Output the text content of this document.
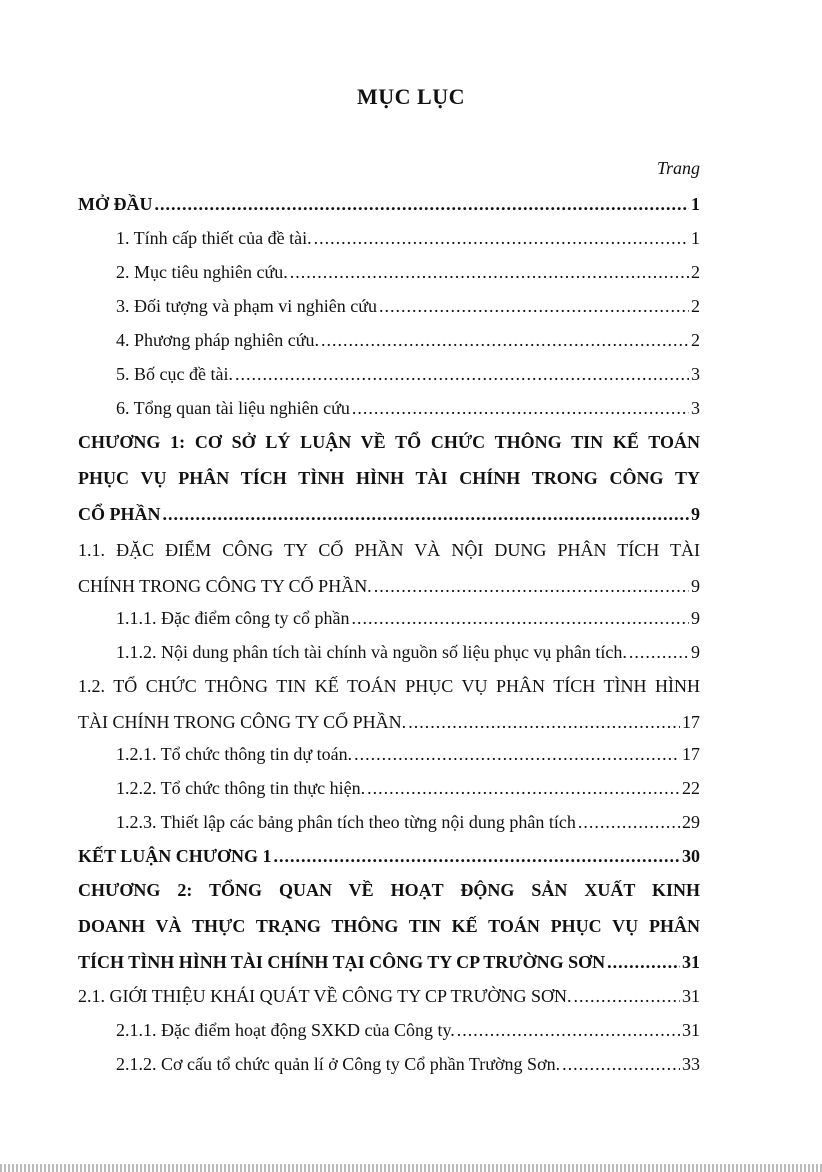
MỤC LỤC
Trang
MỞ ĐẦU .....	1
1. Tính cấp thiết của đề tài. .....	1
2. Mục tiêu nghiên cứu. .....	2
3. Đối tượng và phạm vi nghiên cứu .....	2
4. Phương pháp nghiên cứu. .....	2
5. Bố cục đề tài. .....	3
6. Tổng quan tài liệu nghiên cứu .....	3
CHƯƠNG 1: CƠ SỞ LÝ LUẬN VỀ TỔ CHỨC THÔNG TIN KẾ TOÁN
PHỤC VỤ PHÂN TÍCH TÌNH HÌNH TÀI CHÍNH TRONG CÔNG TY
CỔ PHẦN .....	9
1.1. ĐẶC ĐIỂM CÔNG TY CỔ PHẦN VÀ NỘI DUNG PHÂN TÍCH TÀI
CHÍNH TRONG CÔNG TY CỔ PHẦN. .....	9
1.1.1. Đặc điểm công ty cổ phần .....	9
1.1.2. Nội dung phân tích tài chính và nguồn số liệu phục vụ phân tích. .....	9
1.2. TỔ CHỨC THÔNG TIN KẾ TOÁN PHỤC VỤ PHÂN TÍCH TÌNH HÌNH
TÀI CHÍNH TRONG CÔNG TY CỔ PHẦN. .....	17
1.2.1. Tổ chức thông tin dự toán. .....	17
1.2.2. Tổ chức thông tin thực hiện. .....	22
1.2.3. Thiết lập các bảng phân tích theo từng nội dung phân tích .....	29
KẾT LUẬN CHƯƠNG 1 .....	30
CHƯƠNG 2: TỔNG QUAN VỀ HOẠT ĐỘNG SẢN XUẤT KINH
DOANH VÀ THỰC TRẠNG THÔNG TIN KẾ TOÁN PHỤC VỤ PHÂN
TÍCH TÌNH HÌNH TÀI CHÍNH TẠI CÔNG TY CP TRƯỜNG SƠN .....	31
2.1. GIỚI THIỆU KHÁI QUÁT VỀ CÔNG TY CP TRƯỜNG SƠN. .....	31
2.1.1. Đặc điểm hoạt động SXKD của Công ty. .....	31
2.1.2. Cơ cấu tổ chức quản lí ở Công ty Cổ phần Trường Sơn. .....	33
